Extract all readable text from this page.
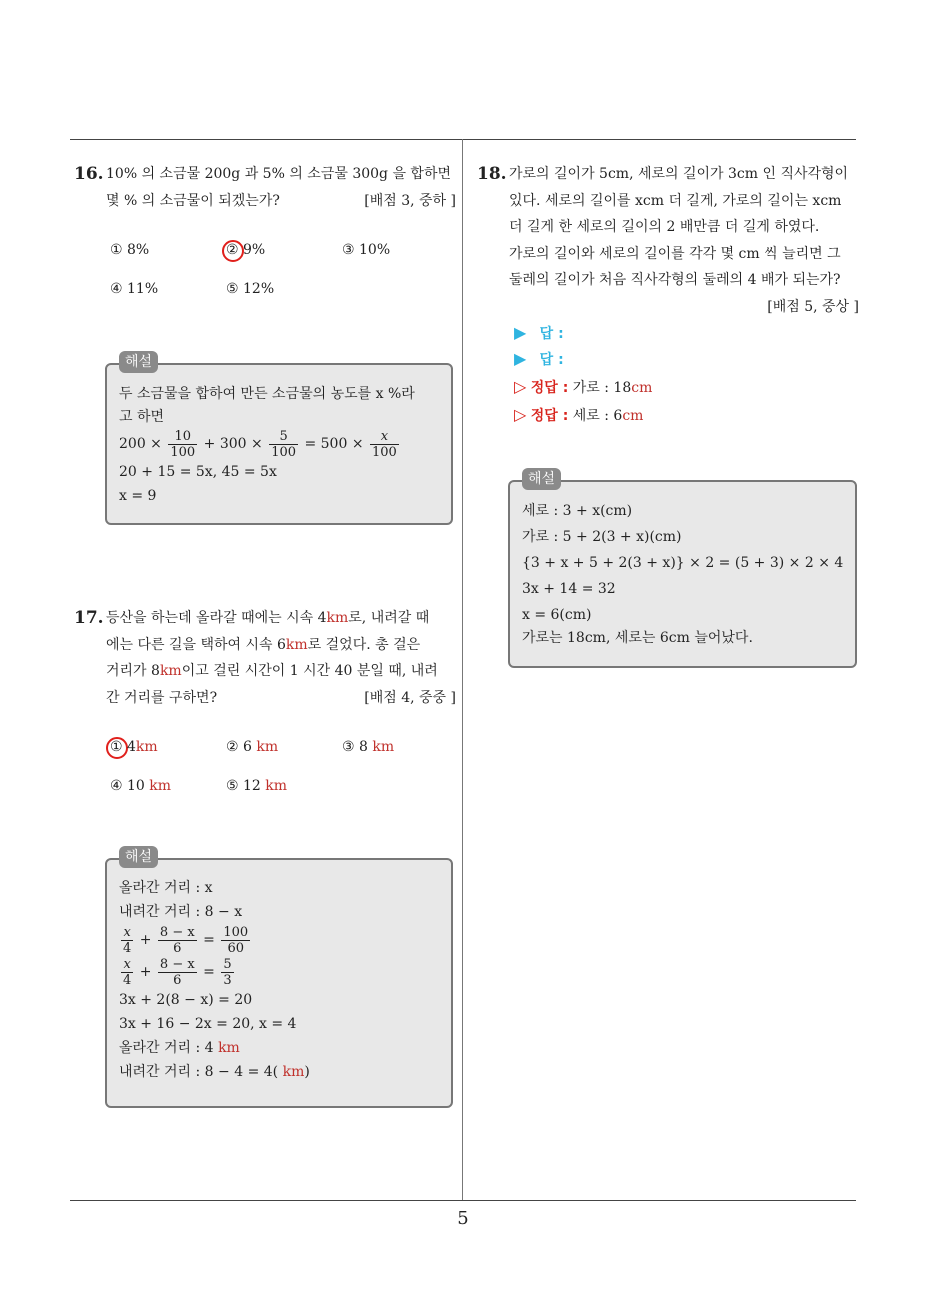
16. 10% 의 소금물 200g 과 5% 의 소금물 300g 을 합하면
몇 % 의 소금물이 되겠는가?	[배점 3, 중하 ]
① 8%	② 9%	③ 10%
④ 11%	⑤ 12%
해설
두 소금물을 합하여 만든 소금물의 농도를 x %라
고 하면
$200 \times \frac{10}{100} + 300 \times \frac{5}{100} = 500 \times \frac{x}{100}$
20 + 15 = 5x, 45 = 5x
x = 9
17. 등산을 하는데 올라갈 때에는 시속 4km로, 내려갈 때
에는 다른 길을 택하여 시속 6km로 걸었다. 총 걸은
거리가 8km이고 걸린 시간이 1 시간 40 분일 때, 내려
간 거리를 구하면?	[배점 4, 중중 ]
① 4km	② 6 km	③ 8 km
④ 10 km	⑤ 12 km
해설
올라간 거리 : x
내려간 거리 : 8 − x
$\frac{x}{4} + \frac{8 - x}{6} = \frac{100}{60}$
$\frac{x}{4} + \frac{8 - x}{6} = \frac{5}{3}$
3x + 2(8 − x) = 20
3x + 16 − 2x = 20, x = 4
올라간 거리 : 4 km
내려간 거리 : 8 − 4 = 4( km)
18. 가로의 길이가 5cm, 세로의 길이가 3cm 인 직사각형이
있다. 세로의 길이를 xcm 더 길게, 가로의 길이는 xcm
더 길게 한 세로의 길이의 2 배만큼 더 길게 하였다.
가로의 길이와 세로의 길이를 각각 몇 cm 씩 늘리면 그
둘레의 길이가 처음 직사각형의 둘레의 4 배가 되는가?
[배점 5, 중상 ]
▶ 답 :
▶ 답 :
▷ 정답 : 가로 : 18cm
▷ 정답 : 세로 : 6cm
해설
세로 : 3 + x(cm)
가로 : 5 + 2(3 + x)(cm)
{3 + x + 5 + 2(3 + x)} × 2 = (5 + 3) × 2 × 4
3x + 14 = 32
x = 6(cm)
가로는 18cm, 세로는 6cm 늘어났다.
5
